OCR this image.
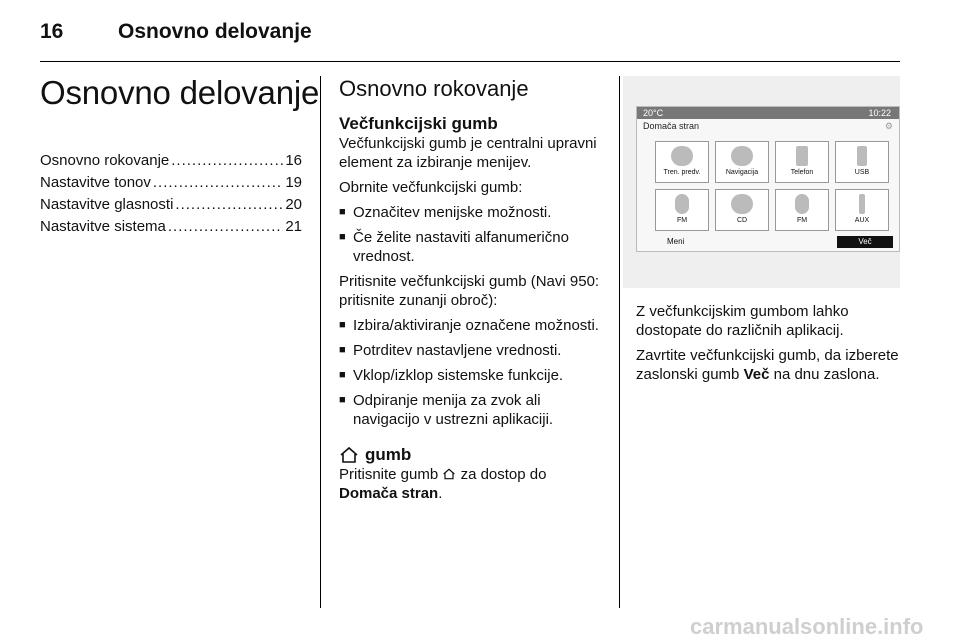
16	Osnovno delovanje
Osnovno delovanje
Osnovno rokovanje .....	16
Nastavitve tonov .....	19
Nastavitve glasnosti .....	20
Nastavitve sistema .....	21
Osnovno rokovanje
Večfunkcijski gumb

Večfunkcijski gumb je centralni upravni element za izbiranje menijev.

Obrnite večfunkcijski gumb:

■ Označitev menijske možnosti.
■ Če želite nastaviti alfanumerično vrednost.

Pritisnite večfunkcijski gumb (Navi 950: pritisnite zunanji obroč):

■ Izbira/aktiviranje označene možnosti.
■ Potrditev nastavljene vrednosti.
■ Vklop/izklop sistemske funkcije.
■ Odpiranje menija za zvok ali navigacijo v ustrezni aplikaciji.
gumb

Pritisnite gumb za dostop do
Domača stran.

20°C	10:22
Domača stran	⚙
Tren. predv.	Navigacija	Telefon	USB
FM	CD	FM	AUX
Meni	Več

Z večfunkcijskim gumbom lahko dostopate do različnih aplikacij.

Zavrtite večfunkcijski gumb, da izberete zaslonski gumb Več na dnu zaslona.

carmanualsonline.info
